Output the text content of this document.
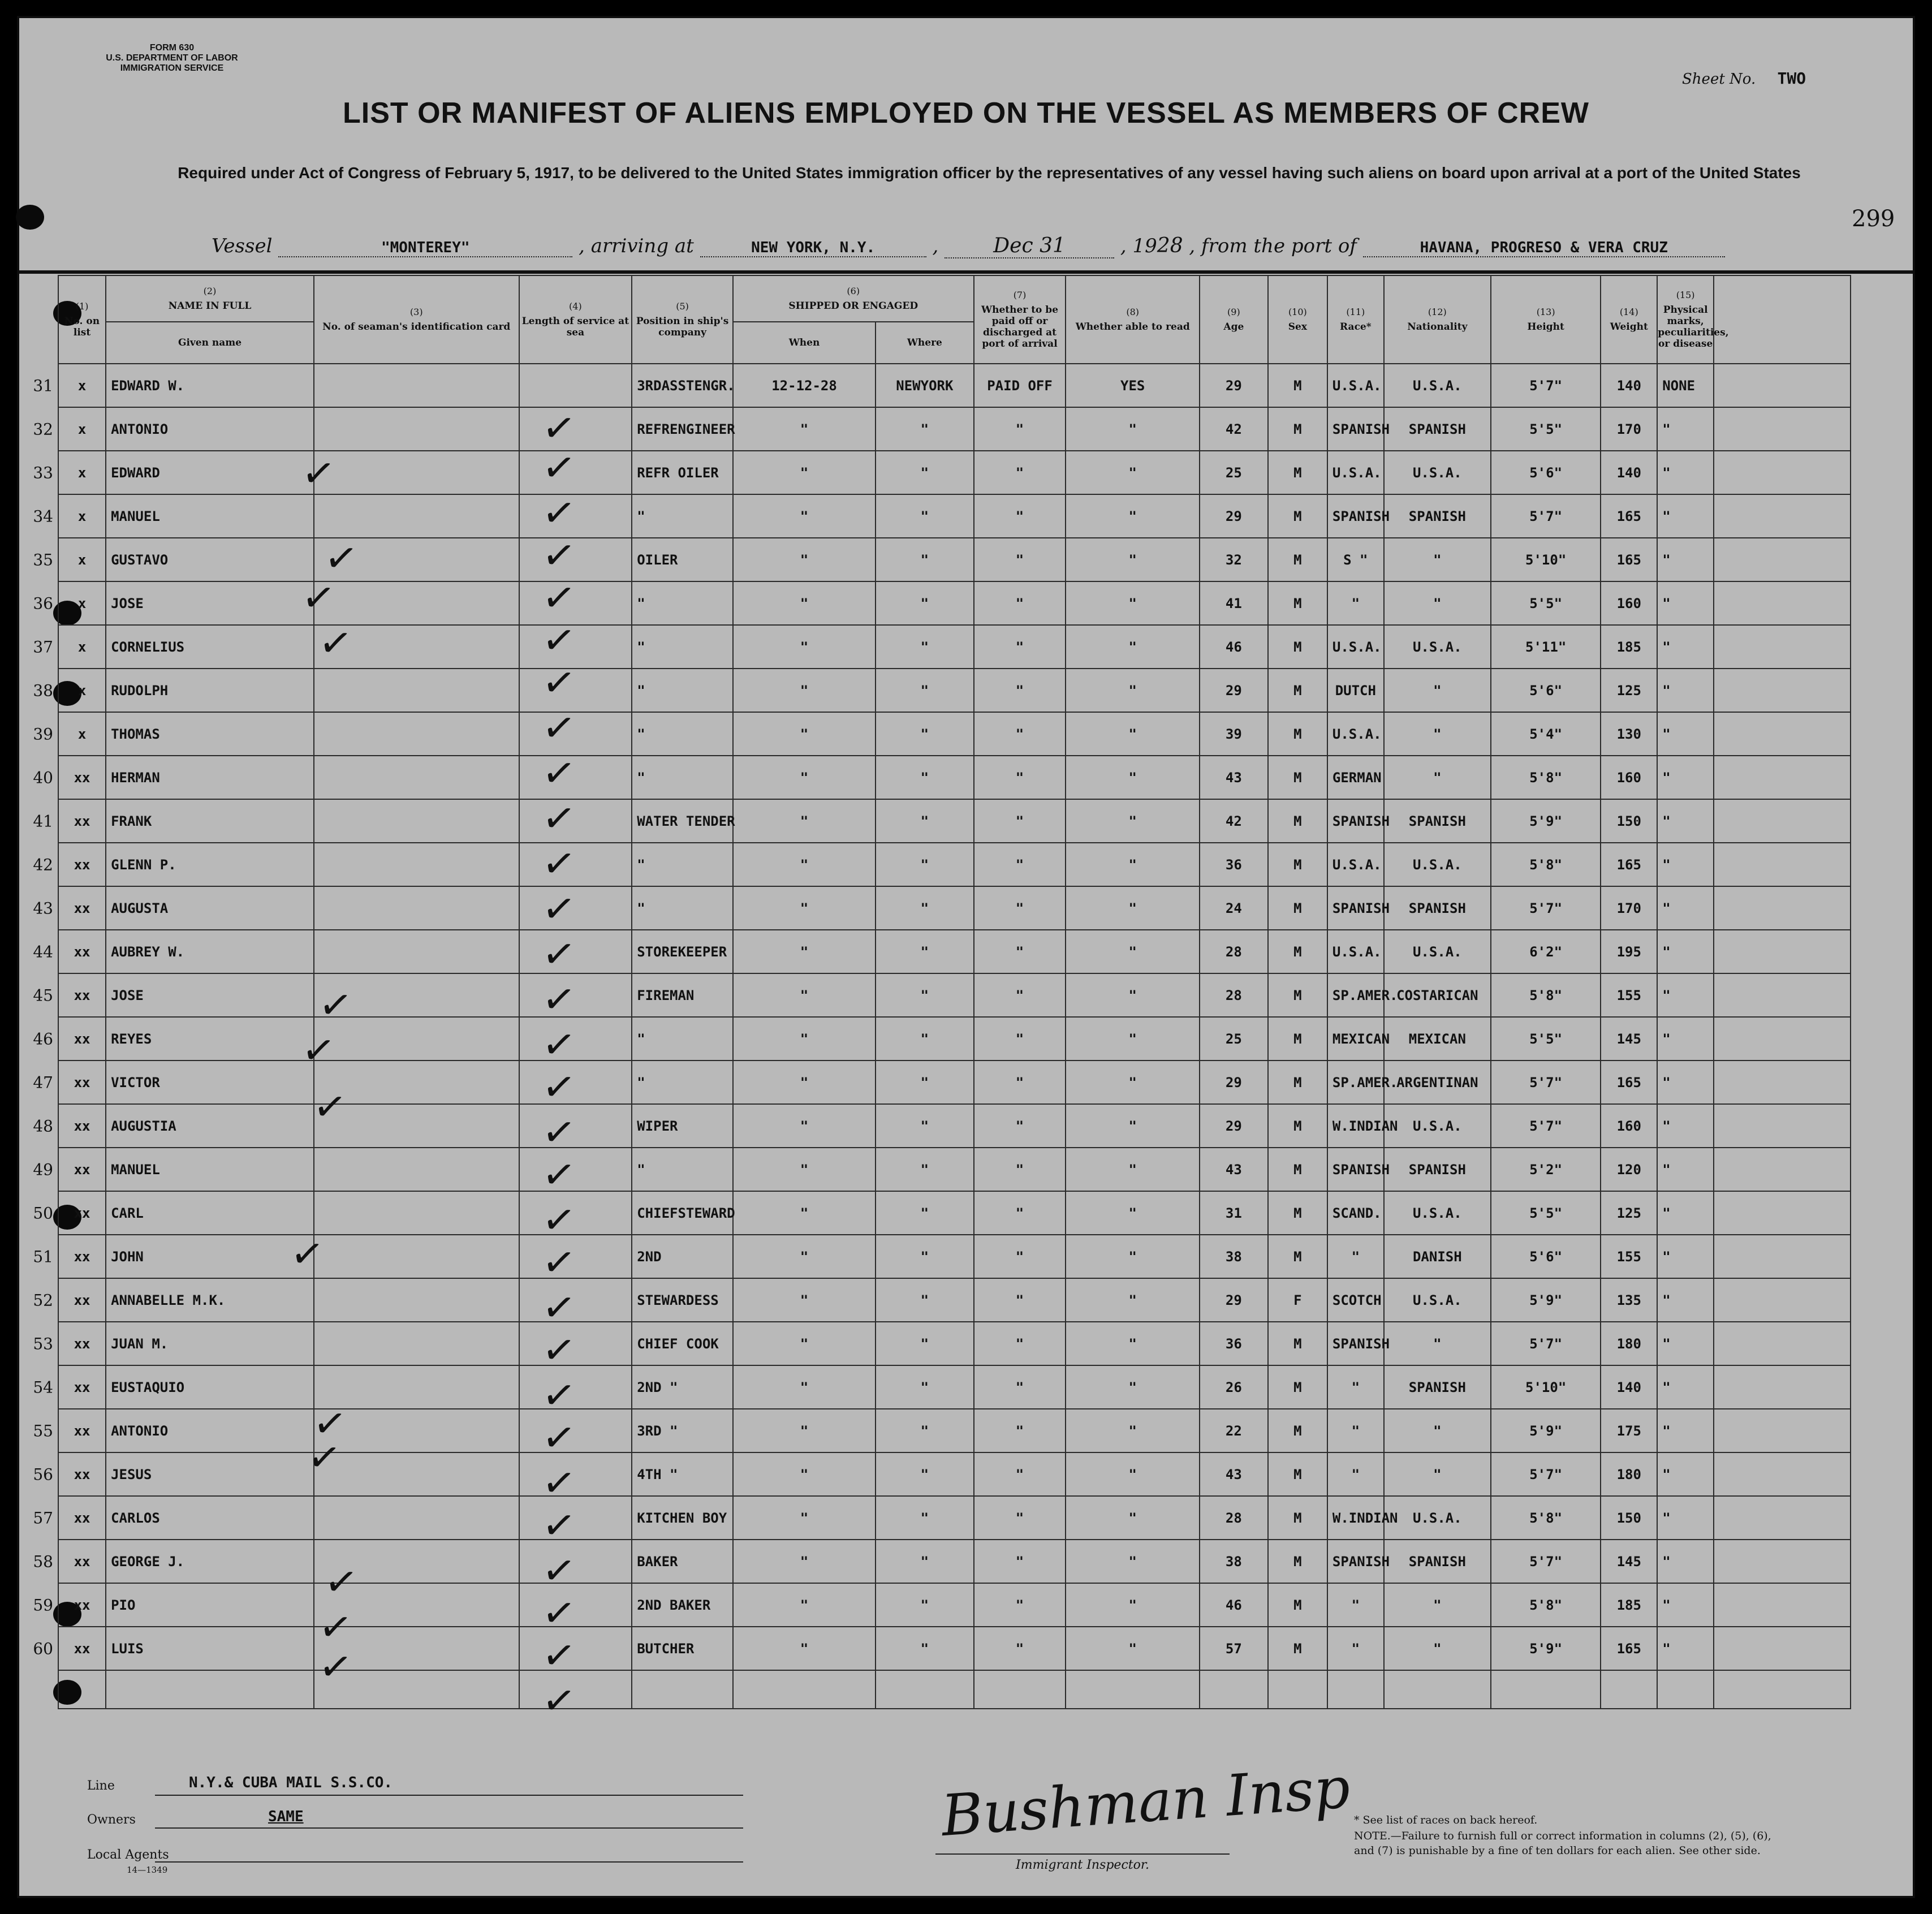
FORM 630
U.S. DEPARTMENT OF LABOR
IMMIGRATION SERVICE
Sheet No. TWO
LIST OR MANIFEST OF ALIENS EMPLOYED ON THE VESSEL AS MEMBERS OF CREW
Required under Act of Congress of February 5, 1917, to be delivered to the United States immigration officer by the representatives of any vessel having such aliens on board upon arrival at a port of the United States
299
Vessel	"MONTEREY"	, arriving at	NEW YORK, N.Y.	,	Dec 31	, 1928 , from the port of	HAVANA, PROGRESO & VERA CRUZ
(1)
No. on list	(2)
NAME IN FULL	(3)
No. of seaman's identification card	(4)
Length of service at sea	(5)
Position in ship's company	(6)
SHIPPED OR ENGAGED		(7)
Whether to be paid off or discharged at port of arrival	(8)
Whether able to read	(9)
Age	(10)
Sex	(11)
Race*	(12)
Nationality	(13)
Height	(14)
Weight	(15)
Physical marks, peculiarities, or disease	
	Given name				When	Where										

31 x		EDWARD W.			3RDASSTENGR.	12-12-28	NEWYORK	PAID OFF	YES	29	M	U.S.A.	U.S.A.	5'7"	140	NONE	

32 x		ANTONIO			REFRENGINEER	"	"	"	"	42	M	SPANISH	SPANISH	5'5"	170	"	

33 x		EDWARD			REFR OILER	"	"	"	"	25	M	U.S.A.	U.S.A.	5'6"	140	"	

34 x		MANUEL			"	"	"	"	"	29	M	SPANISH	SPANISH	5'7"	165	"	

35 x		GUSTAVO			OILER	"	"	"	"	32	M	S "	"	5'10"	165	"	

36 x		JOSE			"	"	"	"	"	41	M	"	"	5'5"	160	"	

37 x		CORNELIUS			"	"	"	"	"	46	M	U.S.A.	U.S.A.	5'11"	185	"	

38 x		RUDOLPH			"	"	"	"	"	29	M	DUTCH	"	5'6"	125	"	

39 x		THOMAS			"	"	"	"	"	39	M	U.S.A.	"	5'4"	130	"	

40 xx		HERMAN			"	"	"	"	"	43	M	GERMAN	"	5'8"	160	"	

41 xx		FRANK			WATER TENDER	"	"	"	"	42	M	SPANISH	SPANISH	5'9"	150	"	

42 xx		GLENN P.			"	"	"	"	"	36	M	U.S.A.	U.S.A.	5'8"	165	"	

43 xx		AUGUSTA			"	"	"	"	"	24	M	SPANISH	SPANISH	5'7"	170	"	

44 xx		AUBREY W.			STOREKEEPER	"	"	"	"	28	M	U.S.A.	U.S.A.	6'2"	195	"	

45 xx		JOSE			FIREMAN	"	"	"	"	28	M	SP.AMER.	COSTARICAN	5'8"	155	"	

46 xx		REYES			"	"	"	"	"	25	M	MEXICAN	MEXICAN	5'5"	145	"	

47 xx		VICTOR			"	"	"	"	"	29	M	SP.AMER.	ARGENTINAN	5'7"	165	"	

48 xx		AUGUSTIA			WIPER	"	"	"	"	29	M	W.INDIAN	U.S.A.	5'7"	160	"	

49 xx		MANUEL			"	"	"	"	"	43	M	SPANISH	SPANISH	5'2"	120	"	

50 xx		CARL			CHIEFSTEWARD	"	"	"	"	31	M	SCAND.	U.S.A.	5'5"	125	"	

51 xx		JOHN			2ND	"	"	"	"	38	M	"	DANISH	5'6"	155	"	

52 xx		ANNABELLE M.K.			STEWARDESS	"	"	"	"	29	F	SCOTCH	U.S.A.	5'9"	135	"	

53 xx		JUAN M.			CHIEF COOK	"	"	"	"	36	M	SPANISH	"	5'7"	180	"	

54 xx		EUSTAQUIO			2ND "	"	"	"	"	26	M	"	SPANISH	5'10"	140	"	

55 xx		ANTONIO			3RD "	"	"	"	"	22	M	"	"	5'9"	175	"	

56 xx		JESUS			4TH "	"	"	"	"	43	M	"	"	5'7"	180	"	

57 xx		CARLOS			KITCHEN BOY	"	"	"	"	28	M	W.INDIAN	U.S.A.	5'8"	150	"	

58 xx		GEORGE J.			BAKER	"	"	"	"	38	M	SPANISH	SPANISH	5'7"	145	"	

59 xx		PIO			2ND BAKER	"	"	"	"	46	M	"	"	5'8"	185	"	

60 xx		LUIS			BUTCHER	"	"	"	"	57	M	"	"	5'9"	165	"	

Line	N.Y.& CUBA MAIL S.S.CO.
Owners	SAME
Local Agents
14—1349
Bushman Insp
Immigrant Inspector.
* See list of races on back hereof.
NOTE.—Failure to furnish full or correct information in columns (2), (5), (6), and (7) is punishable by a fine of ten dollars for each alien. See other side.
✓
✓
✓
✓
✓
✓
✓
✓
✓
✓
✓
✓
✓
✓
✓
✓
✓
✓
✓
✓
✓
✓
✓
✓
✓
✓
✓
✓
✓
✓
✓
✓
✓
✓
✓
✓
✓
✓
✓
✓
✓
✓
✓
